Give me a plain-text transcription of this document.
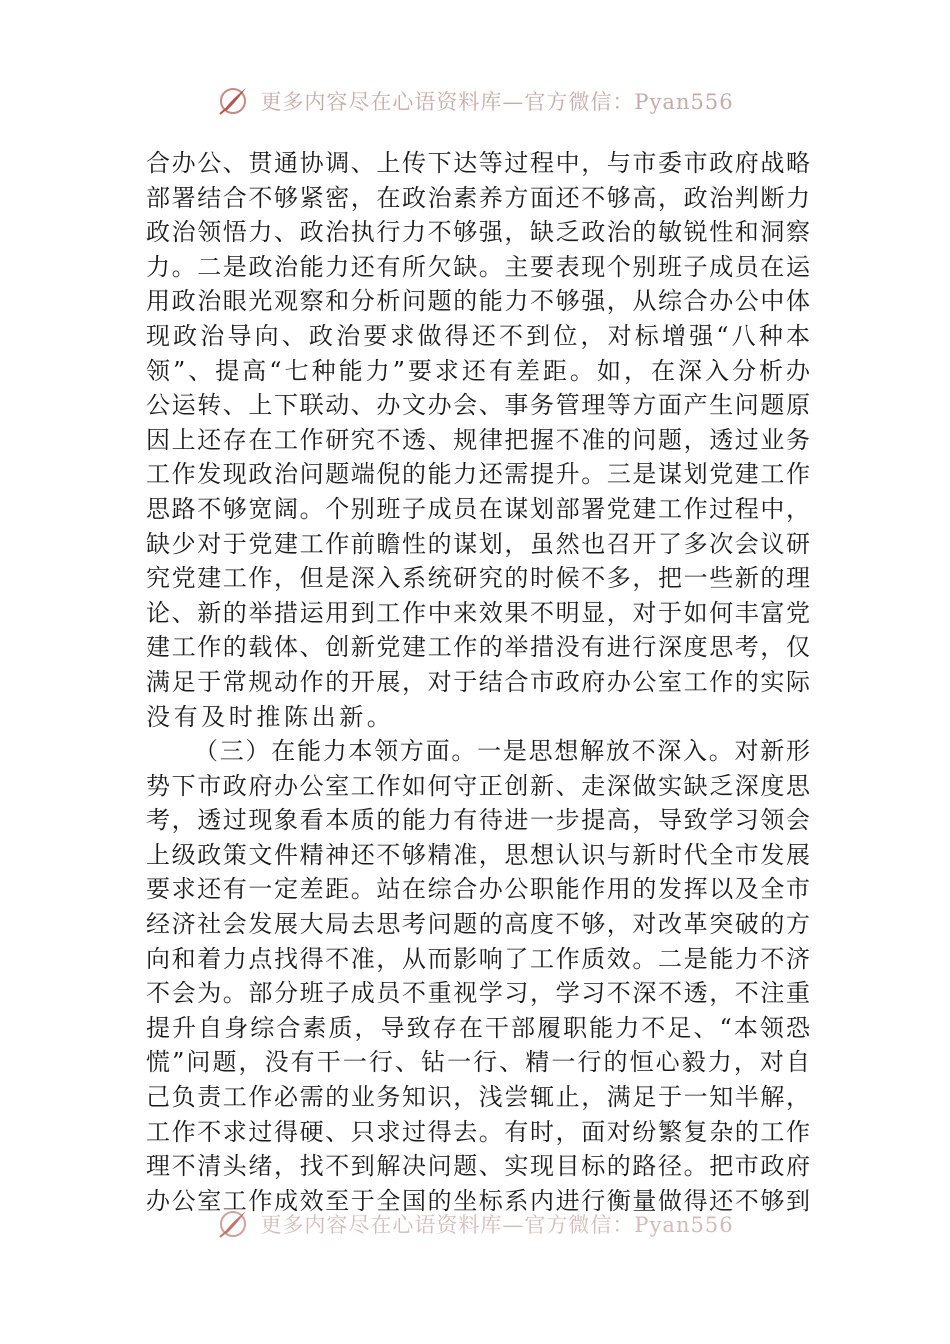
更多内容尽在心语资料库—官方微信：Pyan556
合办公、贯通协调、上传下达等过程中，与市委市政府战略
部署结合不够紧密，在政治素养方面还不够高，政治判断力
政治领悟力、政治执行力不够强，缺乏政治的敏锐性和洞察
力。二是政治能力还有所欠缺。主要表现个别班子成员在运
用政治眼光观察和分析问题的能力不够强，从综合办公中体
现政治导向、政治要求做得还不到位，对标增强“八种本
领”、提高“七种能力”要求还有差距。如，在深入分析办
公运转、上下联动、办文办会、事务管理等方面产生问题原
因上还存在工作研究不透、规律把握不准的问题，透过业务
工作发现政治问题端倪的能力还需提升。三是谋划党建工作
思路不够宽阔。个别班子成员在谋划部署党建工作过程中，
缺少对于党建工作前瞻性的谋划，虽然也召开了多次会议研
究党建工作，但是深入系统研究的时候不多，把一些新的理
论、新的举措运用到工作中来效果不明显，对于如何丰富党
建工作的载体、创新党建工作的举措没有进行深度思考，仅
满足于常规动作的开展，对于结合市政府办公室工作的实际
没有及时推陈出新。
（三）在能力本领方面。一是思想解放不深入。对新形
势下市政府办公室工作如何守正创新、走深做实缺乏深度思
考，透过现象看本质的能力有待进一步提高，导致学习领会
上级政策文件精神还不够精准，思想认识与新时代全市发展
要求还有一定差距。站在综合办公职能作用的发挥以及全市
经济社会发展大局去思考问题的高度不够，对改革突破的方
向和着力点找得不准，从而影响了工作质效。二是能力不济
不会为。部分班子成员不重视学习，学习不深不透，不注重
提升自身综合素质，导致存在干部履职能力不足、“本领恐
慌”问题，没有干一行、钻一行、精一行的恒心毅力，对自
己负责工作必需的业务知识，浅尝辄止，满足于一知半解，
工作不求过得硬、只求过得去。有时，面对纷繁复杂的工作
理不清头绪，找不到解决问题、实现目标的路径。把市政府
办公室工作成效至于全国的坐标系内进行衡量做得还不够到
更多内容尽在心语资料库—官方微信：Pyan556
